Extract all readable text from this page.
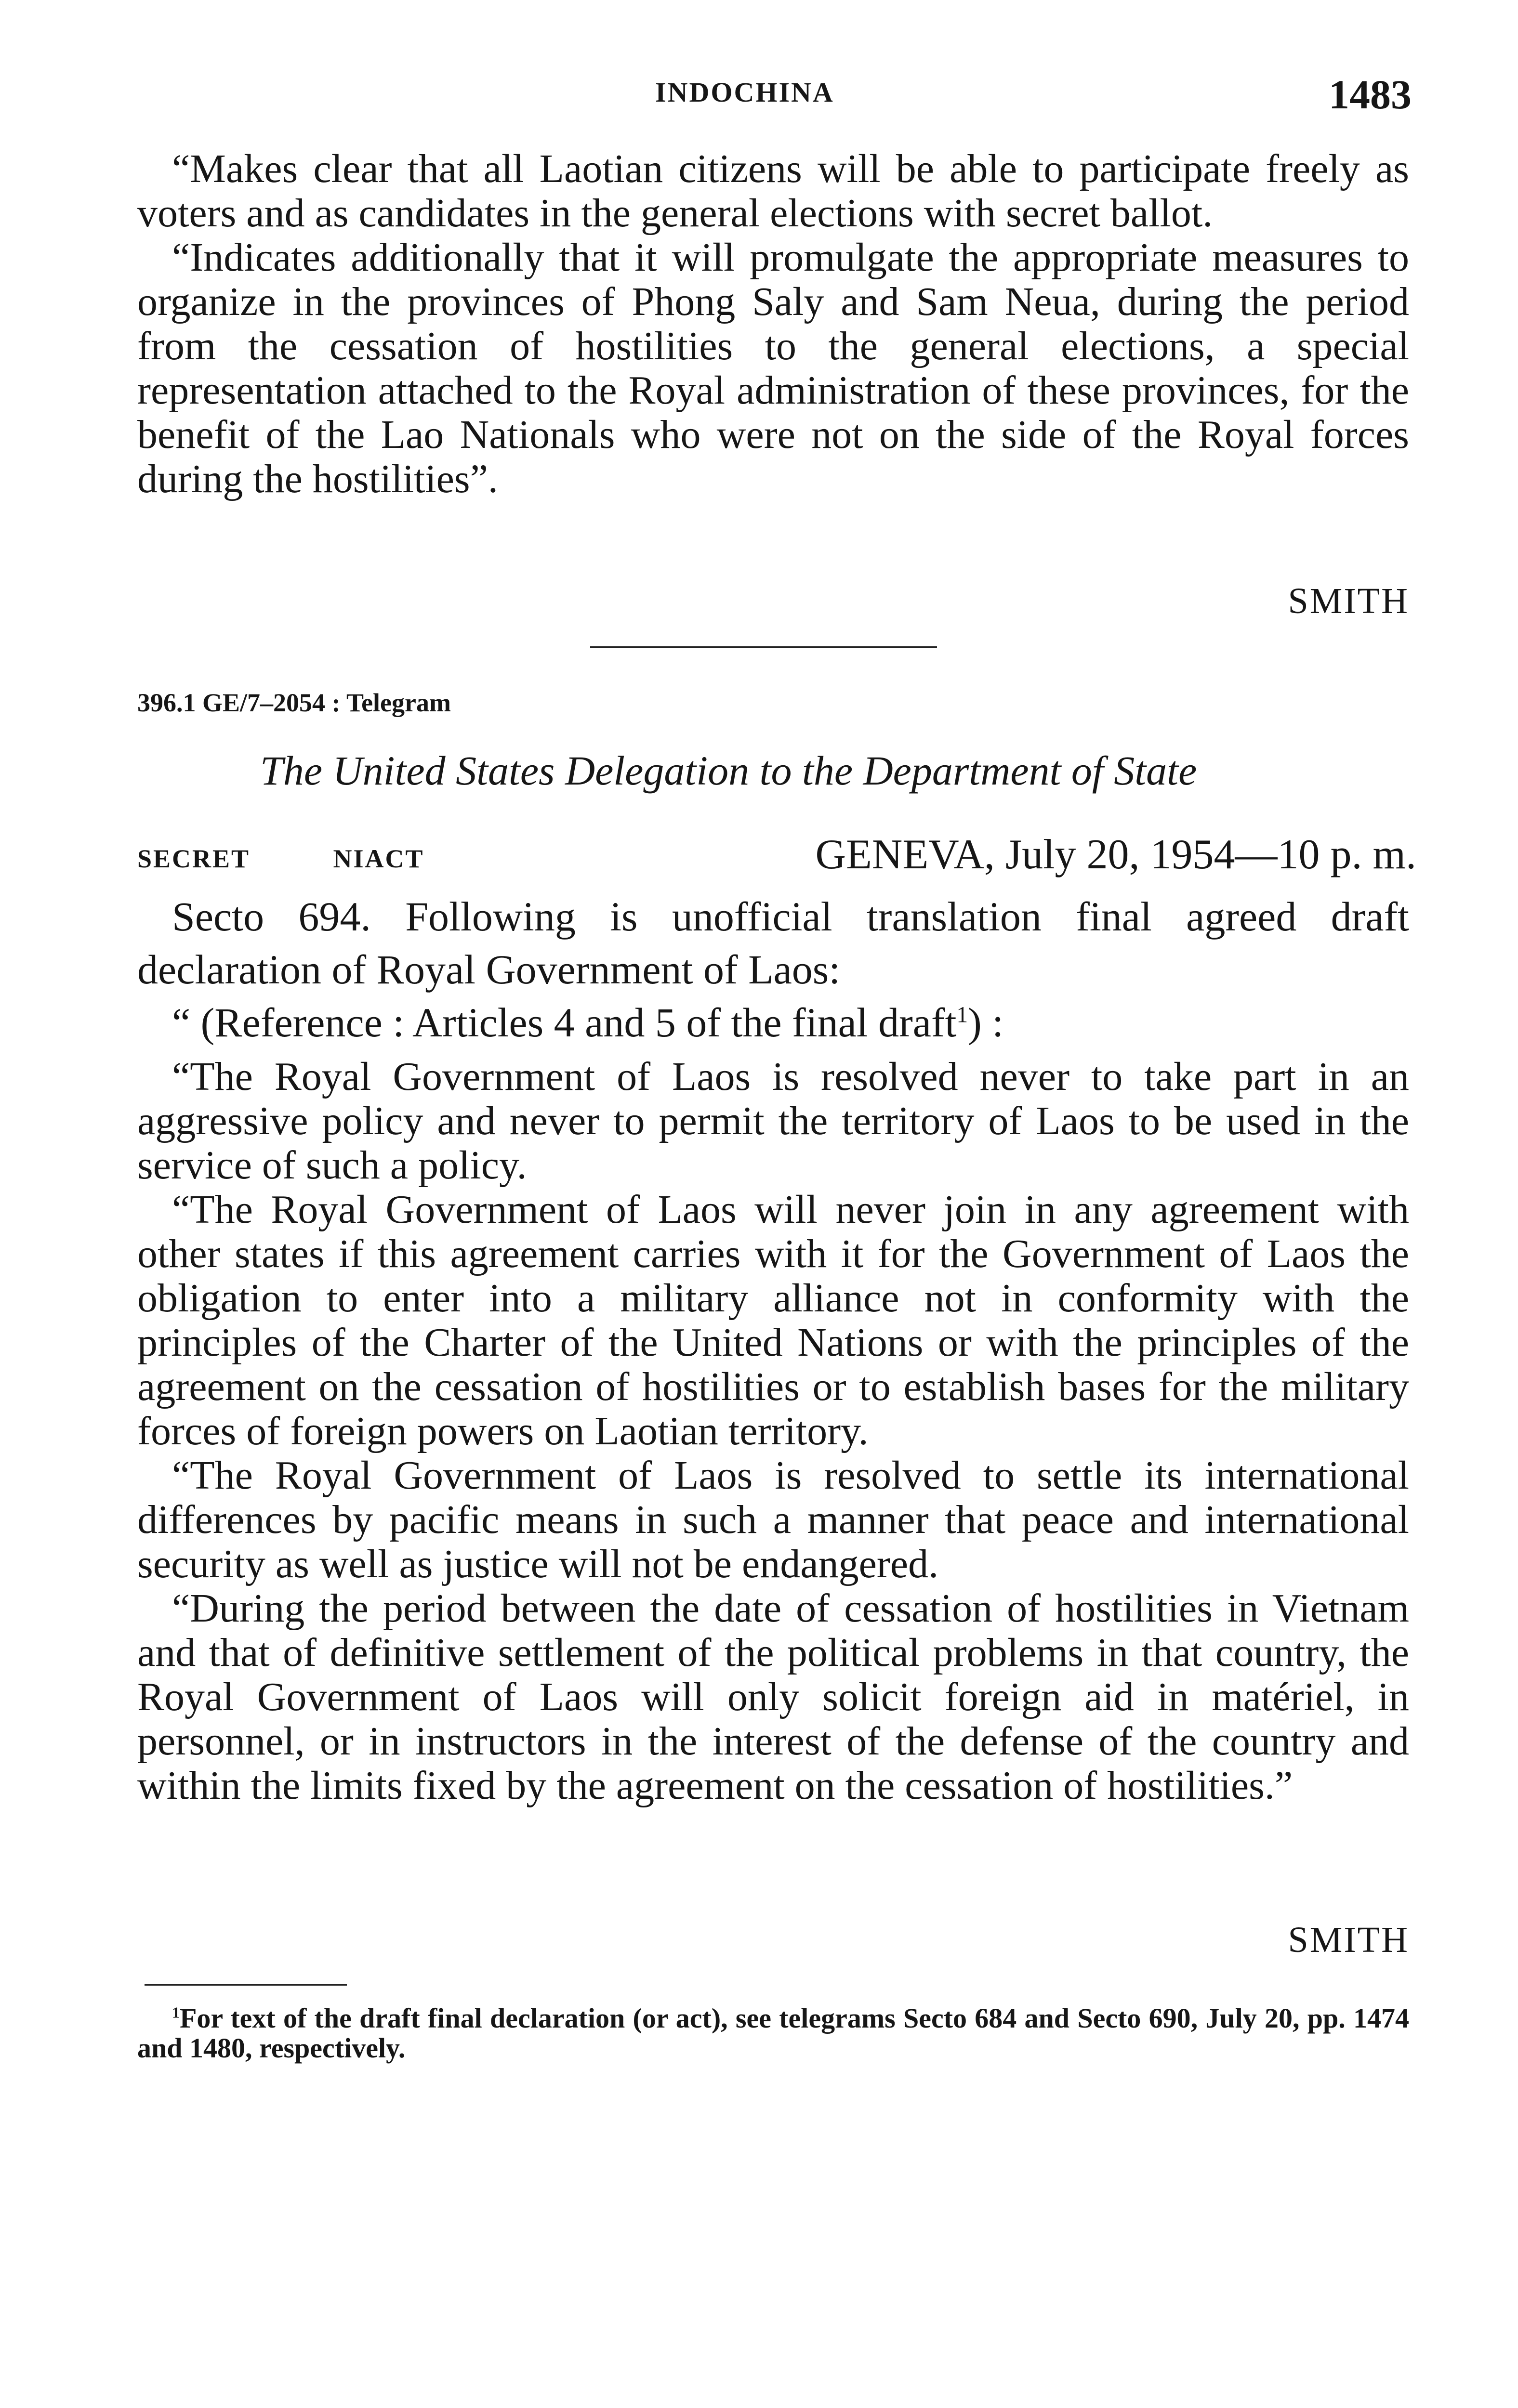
INDOCHINA	1483

“Makes clear that all Laotian citizens will be able to participate freely as voters and as candidates in the general elections with secret ballot.

“Indicates additionally that it will promulgate the appropriate measures to organize in the provinces of Phong Saly and Sam Neua, during the period from the cessation of hostilities to the general elections, a special representation attached to the Royal administration of these provinces, for the benefit of the Lao Nationals who were not on the side of the Royal forces during the hostilities”.

SMITH
396.1 GE/7–2054 : Telegram
The United States Delegation to the Department of State
SECRET	NIACT	GENEVA, July 20, 1954—10 p. m.

Secto 694. Following is unofficial translation final agreed draft declaration of Royal Government of Laos:

“ (Reference : Articles 4 and 5 of the final draft$^1$) :

“The Royal Government of Laos is resolved never to take part in an aggressive policy and never to permit the territory of Laos to be used in the service of such a policy.

“The Royal Government of Laos will never join in any agreement with other states if this agreement carries with it for the Government of Laos the obligation to enter into a military alliance not in conformity with the principles of the Charter of the United Nations or with the principles of the agreement on the cessation of hostilities or to establish bases for the military forces of foreign powers on Laotian territory.

“The Royal Government of Laos is resolved to settle its international differences by pacific means in such a manner that peace and international security as well as justice will not be endangered.

“During the period between the date of cessation of hostilities in Vietnam and that of definitive settlement of the political problems in that country, the Royal Government of Laos will only solicit foreign aid in matériel, in personnel, or in instructors in the interest of the defense of the country and within the limits fixed by the agreement on the cessation of hostilities.”

SMITH

$^1$For text of the draft final declaration (or act), see telegrams Secto 684 and Secto 690, July 20, pp. 1474 and 1480, respectively.
